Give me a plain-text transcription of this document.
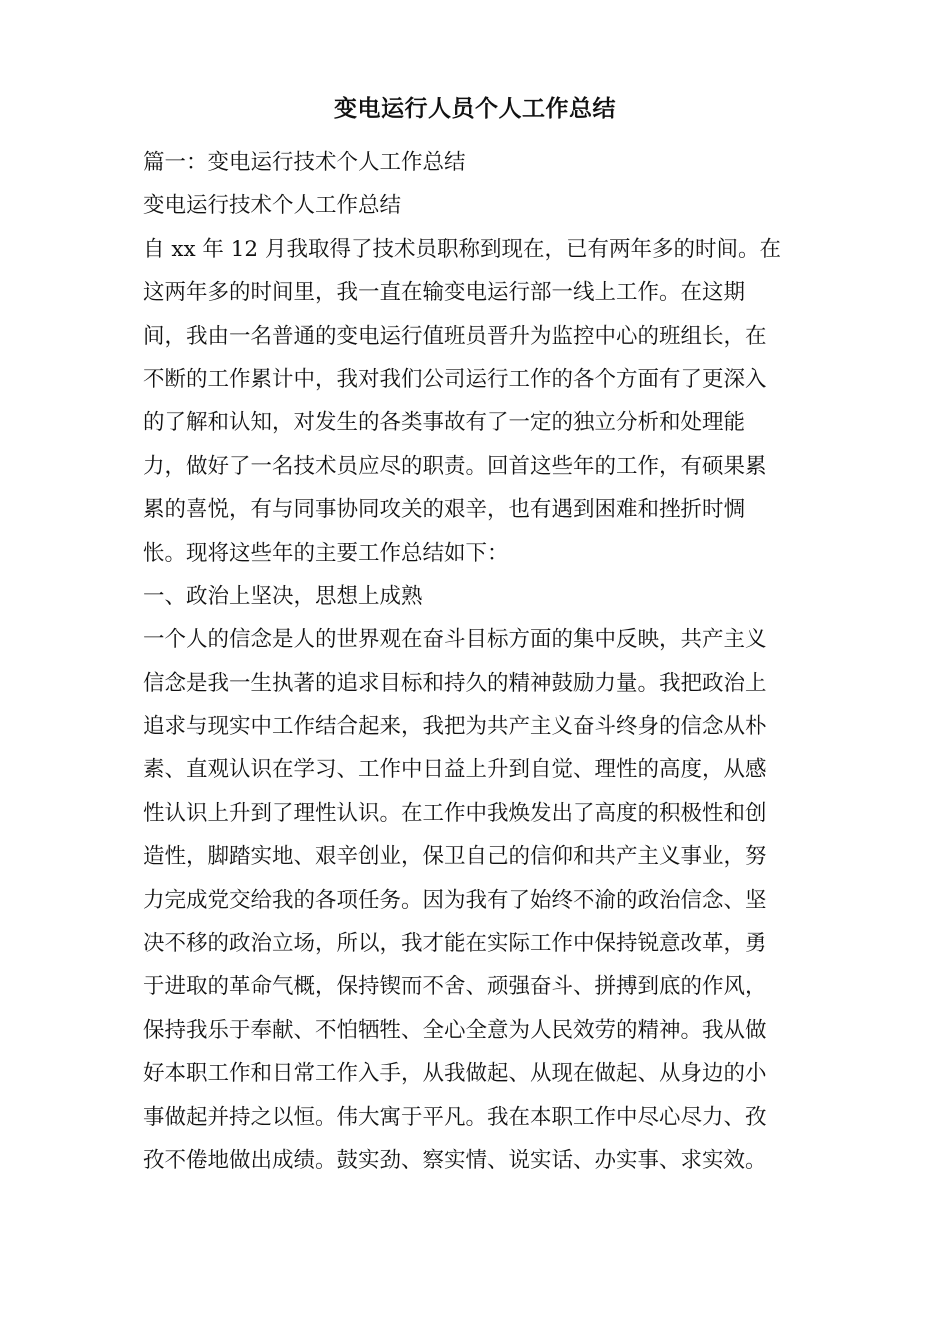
变电运行人员个人工作总结
篇一：变电运行技术个人工作总结
变电运行技术个人工作总结
自 xx 年 12 月我取得了技术员职称到现在，已有两年多的时间。在
这两年多的时间里，我一直在输变电运行部一线上工作。在这期
间，我由一名普通的变电运行值班员晋升为监控中心的班组长，在
不断的工作累计中，我对我们公司运行工作的各个方面有了更深入
的了解和认知，对发生的各类事故有了一定的独立分析和处理能
力，做好了一名技术员应尽的职责。回首这些年的工作，有硕果累
累的喜悦，有与同事协同攻关的艰辛，也有遇到困难和挫折时惆
怅。现将这些年的主要工作总结如下：
一、政治上坚决，思想上成熟
一个人的信念是人的世界观在奋斗目标方面的集中反映，共产主义
信念是我一生执著的追求目标和持久的精神鼓励力量。我把政治上
追求与现实中工作结合起来，我把为共产主义奋斗终身的信念从朴
素、直观认识在学习、工作中日益上升到自觉、理性的高度，从感
性认识上升到了理性认识。在工作中我焕发出了高度的积极性和创
造性，脚踏实地、艰辛创业，保卫自己的信仰和共产主义事业，努
力完成党交给我的各项任务。因为我有了始终不渝的政治信念、坚
决不移的政治立场，所以，我才能在实际工作中保持锐意改革，勇
于进取的革命气概，保持锲而不舍、顽强奋斗、拼搏到底的作风，
保持我乐于奉献、不怕牺牲、全心全意为人民效劳的精神。我从做
好本职工作和日常工作入手，从我做起、从现在做起、从身边的小
事做起并持之以恒。伟大寓于平凡。我在本职工作中尽心尽力、孜
孜不倦地做出成绩。鼓实劲、察实情、说实话、办实事、求实效。
